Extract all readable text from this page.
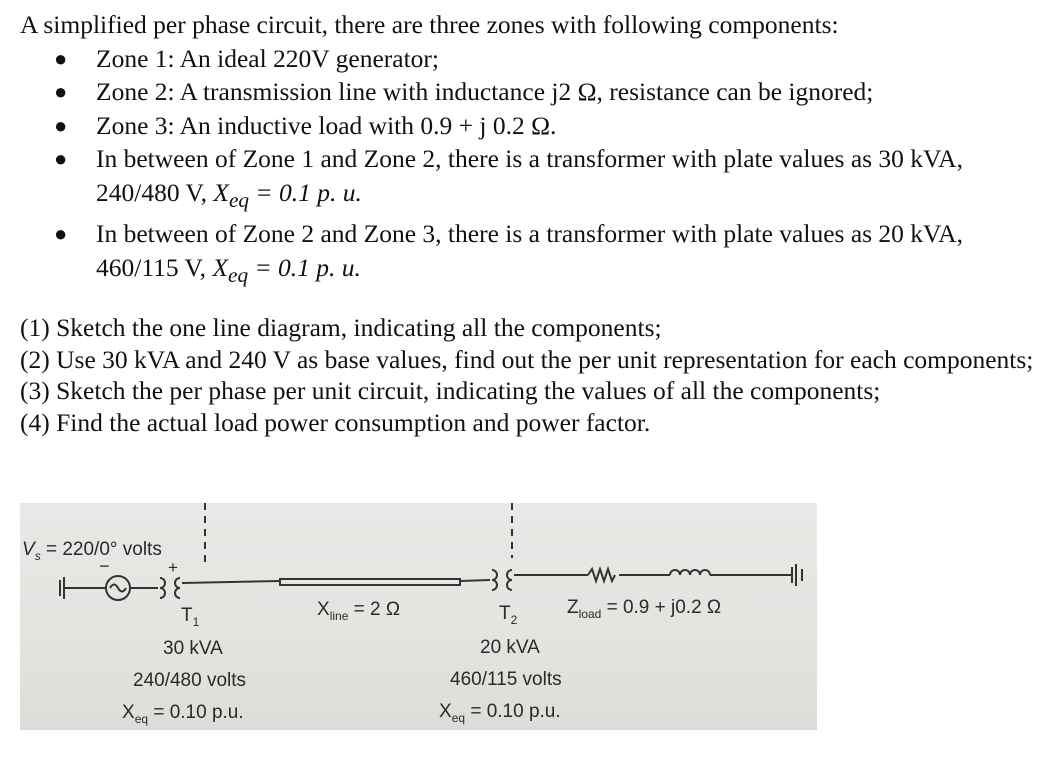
A simplified per phase circuit, there are three zones with following components:

● Zone 1: An ideal 220V generator;
● Zone 2: A transmission line with inductance j2 Ω, resistance can be ignored;
● Zone 3: An inductive load with 0.9 + j 0.2 Ω.
● In between of Zone 1 and Zone 2, there is a transformer with plate values as 30 kVA,
240/480 V, $X_{eq} = 0.1$ p. u.
● In between of Zone 2 and Zone 3, there is a transformer with plate values as 20 kVA,
460/115 V, $X_{eq} = 0.1$ p. u.

(1) Sketch the one line diagram, indicating all the components;

(2) Use 30 kVA and 240 V as base values, find out the per unit representation for each components;

(3) Sketch the per phase per unit circuit, indicating the values of all the components;

(4) Find the actual load power consumption and power factor.

$V_s = 220/0^\circ$ volts
−	+
$T_1$
30 kVA
240/480 volts
$X_{eq} = 0.10$ p.u.
$X_{line} = 2$ Ω	$T_2$
20 kVA
460/115 volts
$X_{eq} = 0.10$ p.u.
$Z_{load} = 0.9 + j0.2$ Ω
